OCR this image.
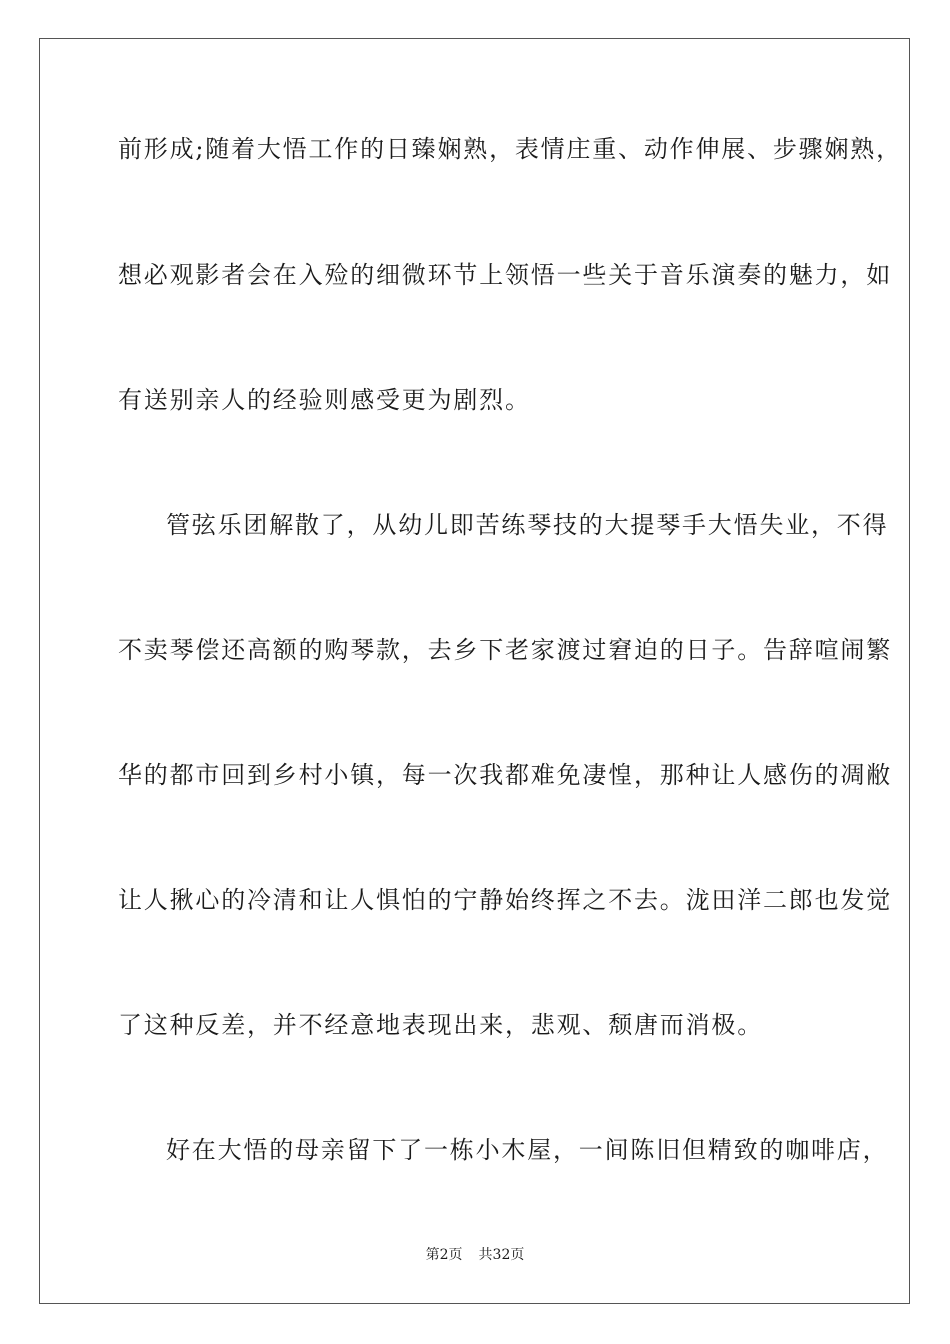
前形成;随着大悟工作的日臻娴熟，表情庄重、动作伸展、步骤娴熟，
想必观影者会在入殓的细微环节上领悟一些关于音乐演奏的魅力，如
有送别亲人的经验则感受更为剧烈。
管弦乐团解散了，从幼儿即苦练琴技的大提琴手大悟失业，不得
不卖琴偿还高额的购琴款，去乡下老家渡过窘迫的日子。告辞喧闹繁
华的都市回到乡村小镇，每一次我都难免凄惶，那种让人感伤的凋敝
让人揪心的冷清和让人惧怕的宁静始终挥之不去。泷田洋二郎也发觉
了这种反差，并不经意地表现出来，悲观、颓唐而消极。
好在大悟的母亲留下了一栋小木屋，一间陈旧但精致的咖啡店，
第2页 共32页
